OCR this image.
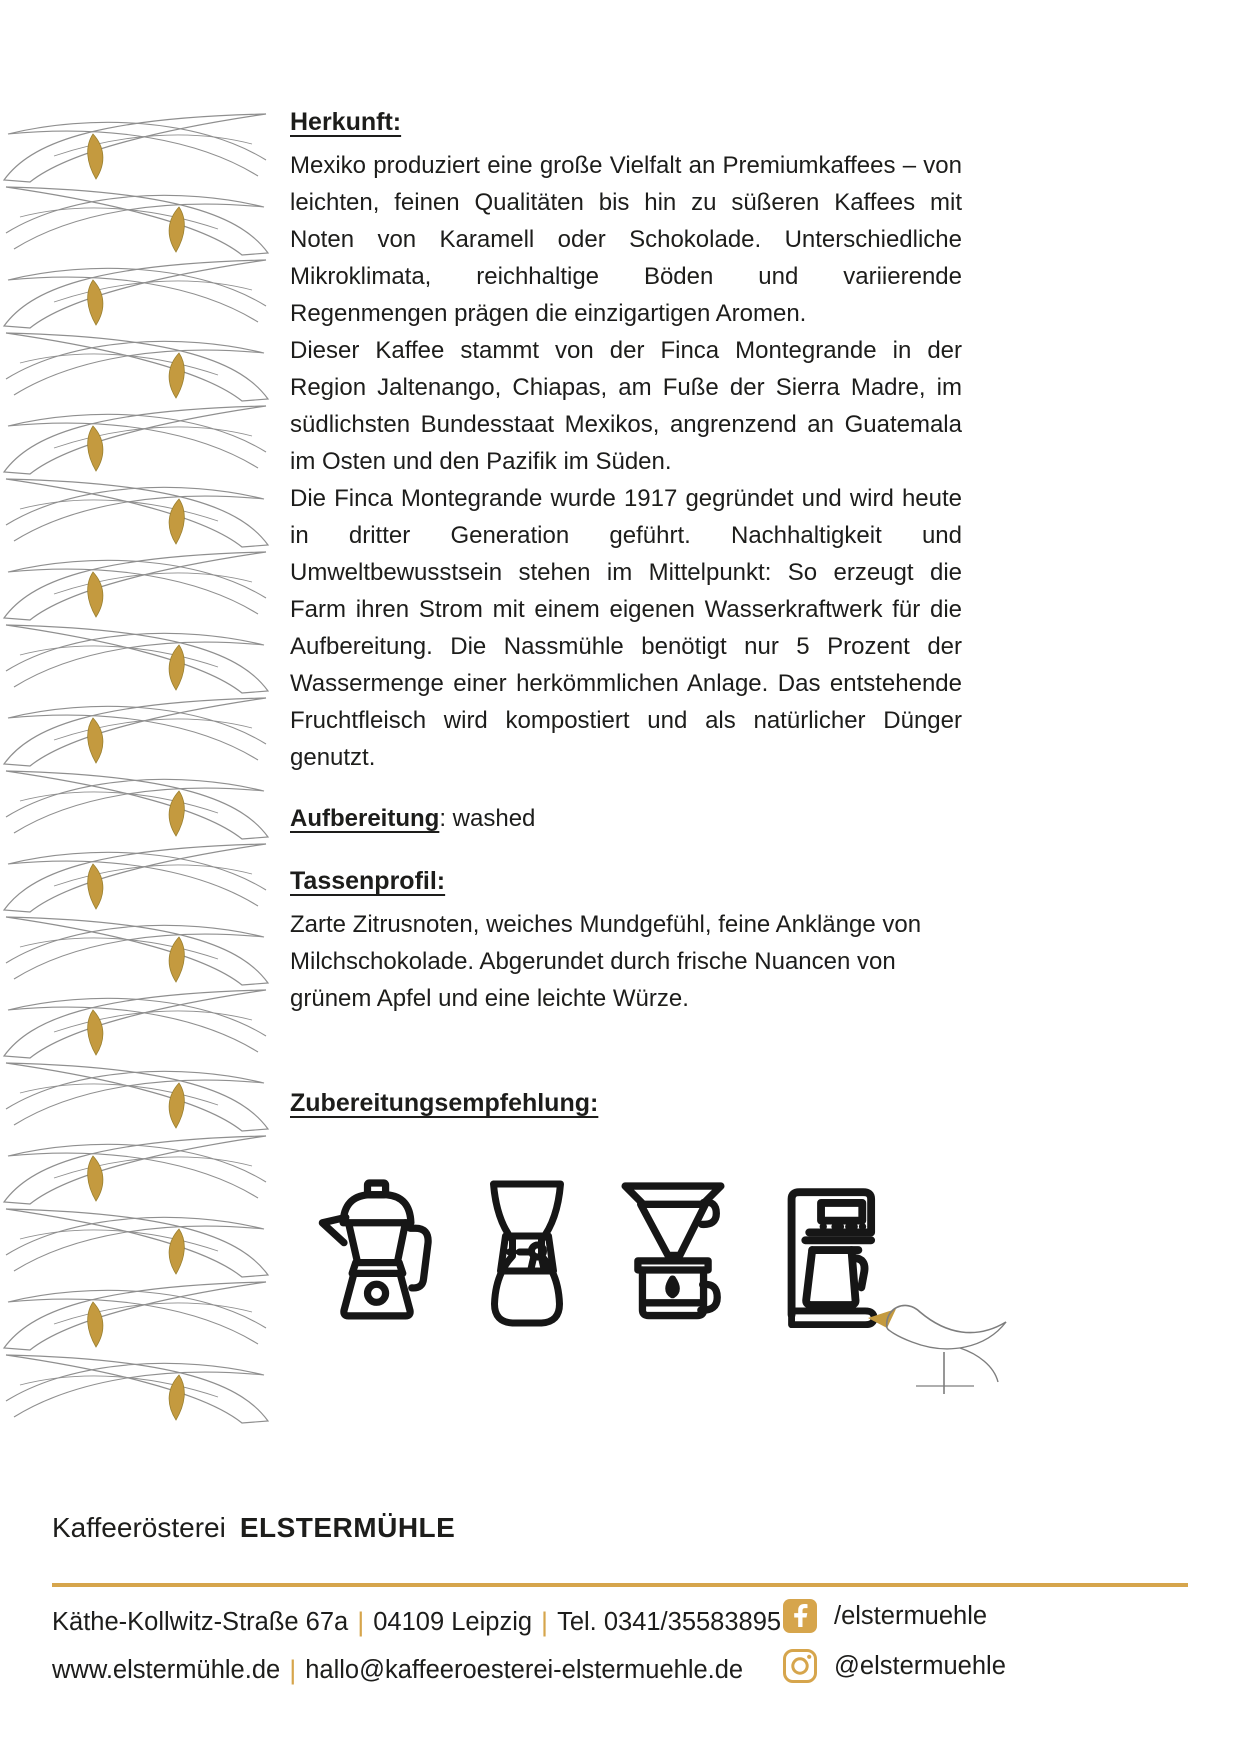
Herkunft:

Mexiko produziert eine große Vielfalt an Premiumkaffees – von leichten, feinen Qualitäten bis hin zu süßeren Kaffees mit Noten von Karamell oder Schokolade. Unterschiedliche Mikroklimata, reichhaltige Böden und variierende Regenmengen prägen die einzigartigen Aromen.

Dieser Kaffee stammt von der Finca Montegrande in der Region Jaltenango, Chiapas, am Fuße der Sierra Madre, im südlichsten Bundesstaat Mexikos, angrenzend an Guatemala im Osten und den Pazifik im Süden.

Die Finca Montegrande wurde 1917 gegründet und wird heute in dritter Generation geführt. Nachhaltigkeit und Umweltbewusstsein stehen im Mittelpunkt: So erzeugt die Farm ihren Strom mit einem eigenen Wasserkraftwerk für die Aufbereitung. Die Nassmühle benötigt nur 5 Prozent der Wassermenge einer herkömmlichen Anlage. Das entstehende Fruchtfleisch wird kompostiert und als natürlicher Dünger genutzt.

Aufbereitung: washed
Tassenprofil:

Zarte Zitrusnoten, weiches Mundgefühl, feine Anklänge von Milchschokolade. Abgerundet durch frische Nuancen von grünem Apfel und eine leichte Würze.

Zubereitungsempfehlung:
Kaffeerösterei ELSTERMÜHLE
Käthe-Kollwitz-Straße 67a | 04109 Leipzig | Tel. 0341/35583895
www.elstermühle.de | hallo@kaffeeroesterei-elstermuehle.de
/elstermuehle
@elstermuehle
